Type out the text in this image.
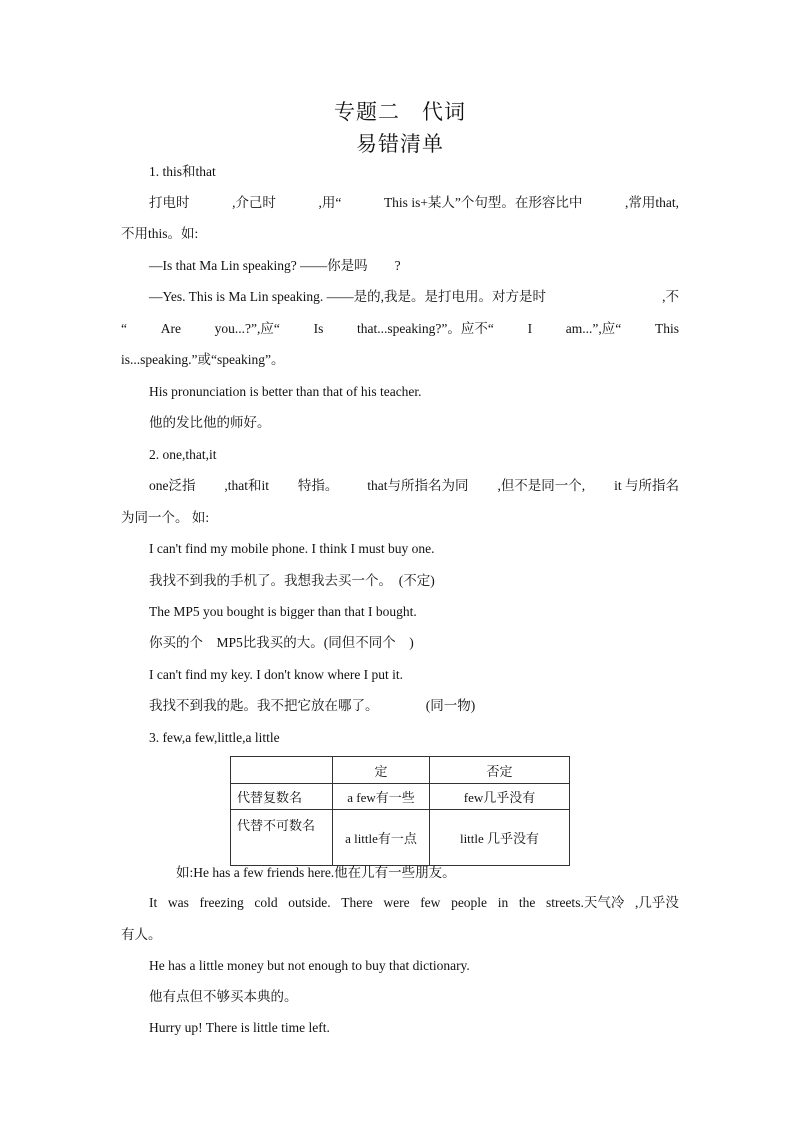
专题二　代词
易错清单
1. this和that
打电时	,介己时	,用“	This is+某人”个句型。在形容比中	,常用that,
不用this。如:
—Is that Ma Lin speaking? ——你是吗　　?
—Yes. This is Ma Lin speaking. ——是的,我是。是打电用。对方是时	,不
“ Are you...?”,应“ Is that...speaking?”。应不“ I am...”,应“ This
is...speaking.”或“speaking”。
His pronunciation is better than that of his teacher.
他的发比他的师好。
2. one,that,it
one泛指 ,that和it 特指。 that与所指名为同 ,但不是同一个, it 与所指名
为同一个。 如:
I can't find my mobile phone. I think I must buy one.
我找不到我的手机了。我想我去买一个。　(不定)
The MP5 you bought is bigger than that I bought.
你买的个　MP5比我买的大。(同但不同个　)
I can't find my key. I don't know where I put it.
我找不到我的匙。我不把它放在哪了。　　　　(同一物)
3. few,a few,little,a little
	定	否定
代替复数名	a few有一些	few几乎没有
代替不可数名	a little有一点	little 几乎没有
如:He has a few friends here.他在儿有一些朋友。
It was freezing cold outside. There were few people in the streets.天气冷 ,几乎没
有人。
He has a little money but not enough to buy that dictionary.
他有点但不够买本典的。
Hurry up! There is little time left.
